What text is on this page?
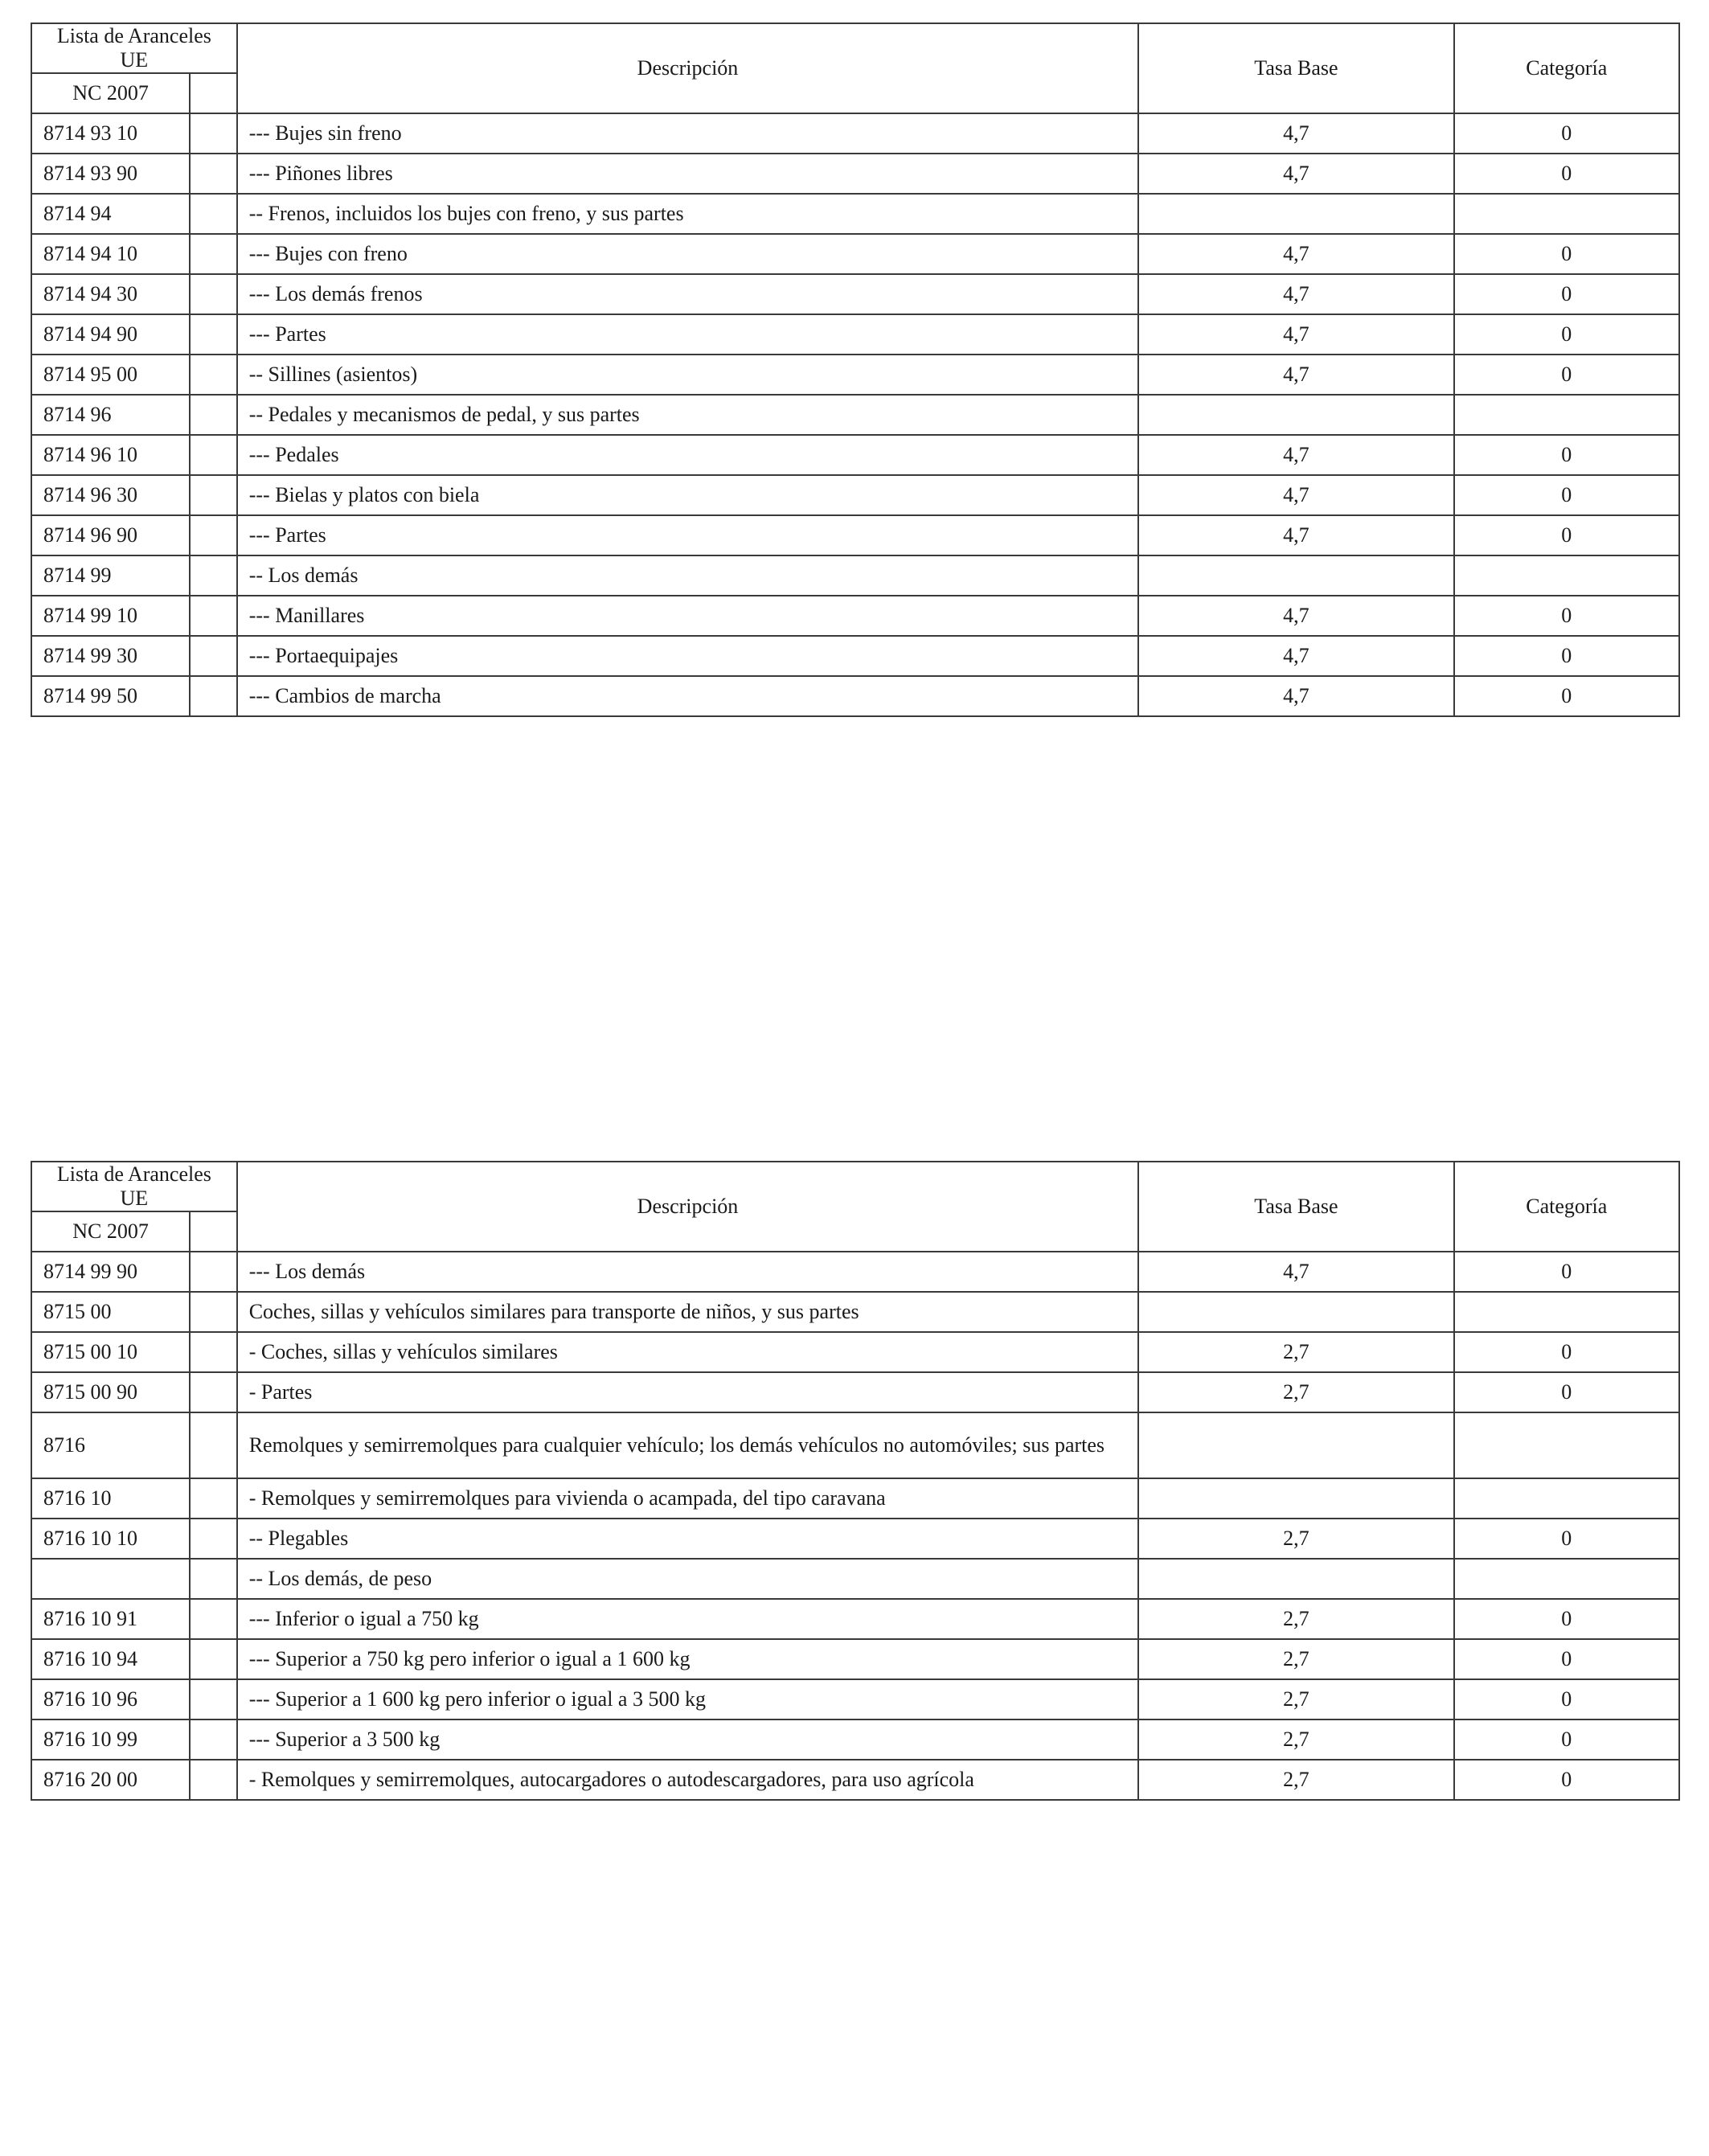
Lista de Aranceles UE		Descripción	Tasa Base	Categoría
NC 2007				
8714 93 10		--- Bujes sin freno	4,7	0
8714 93 90		--- Piñones libres	4,7	0
8714 94		-- Frenos, incluidos los bujes con freno, y sus partes		
8714 94 10		--- Bujes con freno	4,7	0
8714 94 30		--- Los demás frenos	4,7	0
8714 94 90		--- Partes	4,7	0
8714 95 00		-- Sillines (asientos)	4,7	0
8714 96		-- Pedales y mecanismos de pedal, y sus partes		
8714 96 10		--- Pedales	4,7	0
8714 96 30		--- Bielas y platos con biela	4,7	0
8714 96 90		--- Partes	4,7	0
8714 99		-- Los demás		
8714 99 10		--- Manillares	4,7	0
8714 99 30		--- Portaequipajes	4,7	0
8714 99 50		--- Cambios de marcha	4,7	0
Lista de Aranceles UE		Descripción	Tasa Base	Categoría
NC 2007				
8714 99 90		--- Los demás	4,7	0
8715 00		Coches, sillas y vehículos similares para transporte de niños, y sus partes		
8715 00 10		- Coches, sillas y vehículos similares	2,7	0
8715 00 90		- Partes	2,7	0
8716		Remolques y semirremolques para cualquier vehículo; los demás vehículos no automóviles; sus partes		
8716 10		- Remolques y semirremolques para vivienda o acampada, del tipo caravana		
8716 10 10		-- Plegables	2,7	0
		-- Los demás, de peso		
8716 10 91		--- Inferior o igual a 750 kg	2,7	0
8716 10 94		--- Superior a 750 kg pero inferior o igual a 1 600 kg	2,7	0
8716 10 96		--- Superior a 1 600 kg pero inferior o igual a 3 500 kg	2,7	0
8716 10 99		--- Superior a 3 500 kg	2,7	0
8716 20 00		- Remolques y semirremolques, autocargadores o autodescargadores, para uso agrícola	2,7	0
